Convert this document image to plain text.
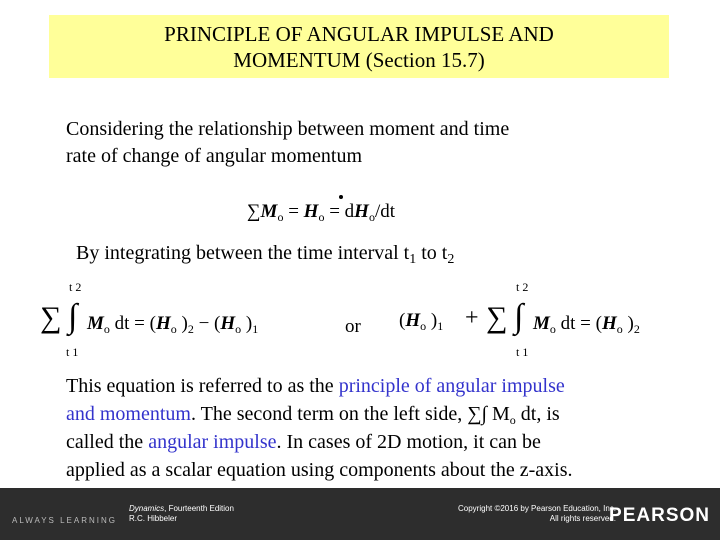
PRINCIPLE OF ANGULAR IMPULSE AND
MOMENTUM (Section 15.7)
Considering the relationship between moment and time
rate of change of angular momentum
$\sum M_o = H_o = dH_o/dt$
By integrating between the time interval $t_1$ to $t_2$
t 2
t 1
∑ ∫ $M_o$ dt = ($H_o$ )$_2 - (H_o$ )$_1$	or ($H_o$ )$_1$ +
t 2
t 1
∑ ∫ $M_o$ dt = ($H_o$ )$_2$
This equation is referred to as the principle of angular impulse
and momentum. The second term on the left side, ∑∫ $M_o$ dt, is
called the angular impulse. In cases of 2D motion, it can be
applied as a scalar equation using components about the z-axis.
ALWAYS LEARNING
Dynamics, Fourteenth Edition
R.C. Hibbeler
Copyright ©2016 by Pearson Education, Inc.
All rights reserved.
PEARSON
